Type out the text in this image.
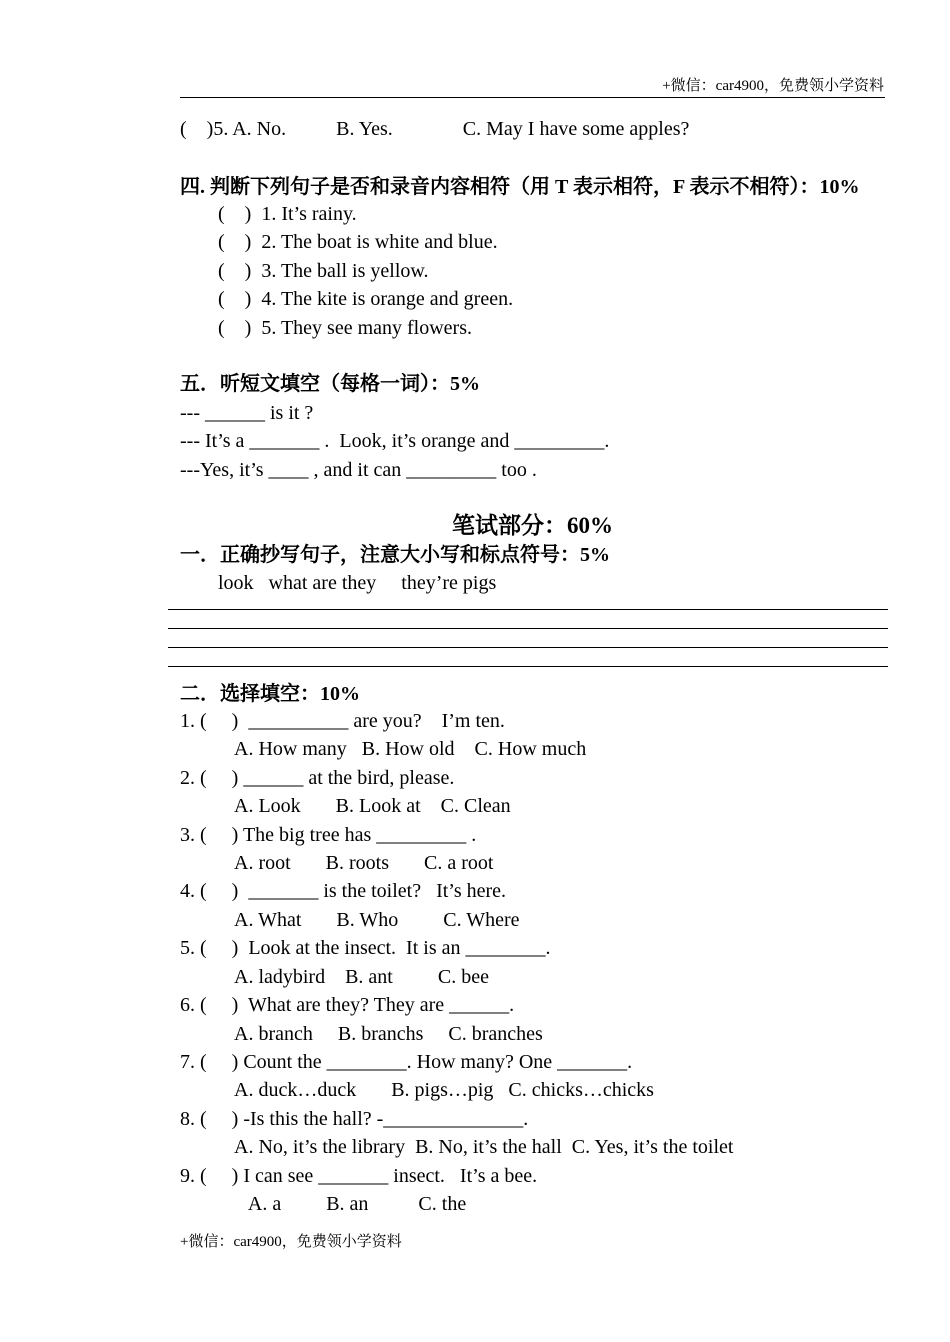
+微信：car4900，免费领小学资料
(    )5. A. No.          B. Yes.              C. May I have some apples?
四. 判断下列句子是否和录音内容相符（用 T 表示相符，F 表示不相符）：10%
(    )  1. It’s rainy.
(    )  2. The boat is white and blue.
(    )  3. The ball is yellow.
(    )  4. The kite is orange and green.
(    )  5. They see many flowers.
五．听短文填空（每格一词）：5%
--- ______ is it ?
--- It’s a _______ .  Look, it’s orange and _________.
---Yes, it’s ____ , and it can _________ too .
笔试部分：60%
一．正确抄写句子，注意大小写和标点符号：5%
look   what are they     they’re pigs
二．选择填空：10%
1. (     )  __________ are you?    I’m ten.
A. How many   B. How old    C. How much
2. (     ) ______ at the bird, please.
A. Look       B. Look at    C. Clean
3. (     ) The big tree has _________ .
A. root       B. roots       C. a root
4. (     )  _______ is the toilet?   It’s here.
A. What       B. Who         C. Where
5. (     )  Look at the insect.  It is an ________.
A. ladybird    B. ant         C. bee
6. (     )  What are they? They are ______.
A. branch     B. branchs     C. branches
7. (     ) Count the ________. How many? One _______.
A. duck…duck       B. pigs…pig   C. chicks…chicks
8. (     ) -Is this the hall? -______________.
A. No, it’s the library  B. No, it’s the hall  C. Yes, it’s the toilet
9. (     ) I can see _______ insect.   It’s a bee.
A. a         B. an          C. the
+微信：car4900，免费领小学资料
